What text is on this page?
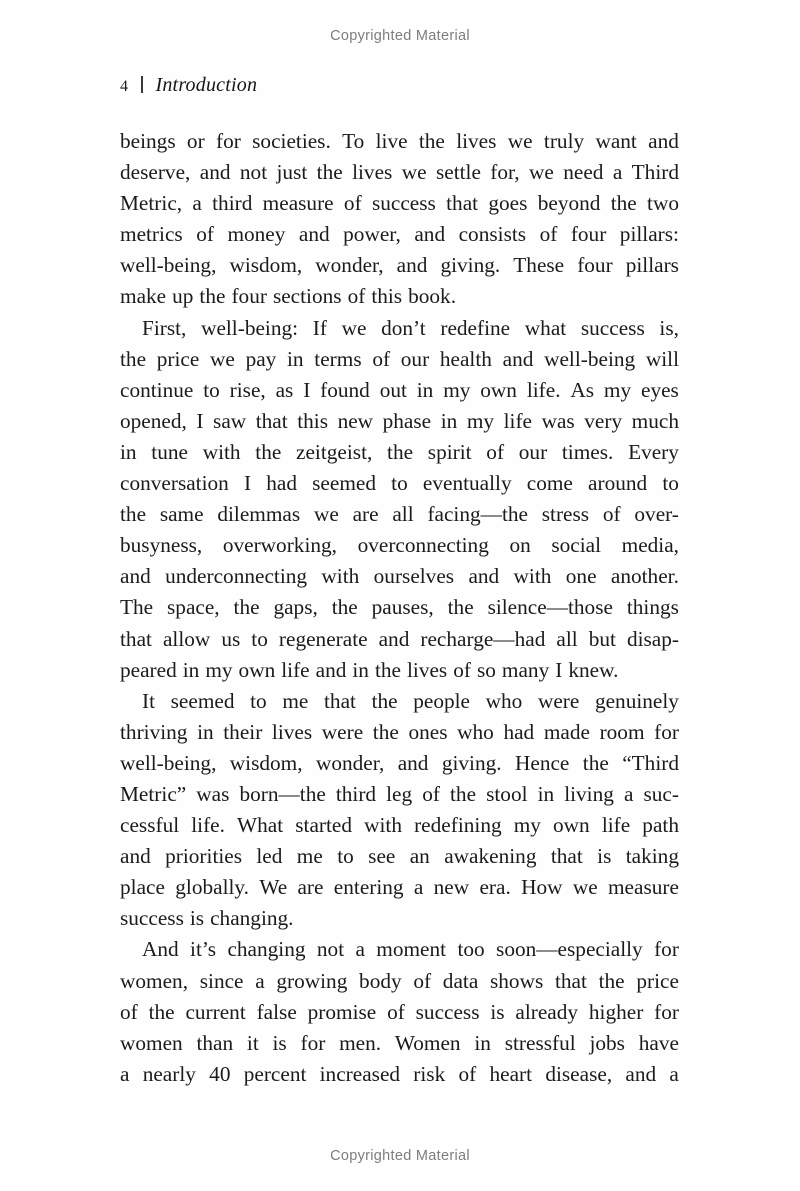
Copyrighted Material
4 Introduction
beings or for societies. To live the lives we truly want and
deserve, and not just the lives we settle for, we need a Third
Metric, a third measure of success that goes beyond the two
metrics of money and power, and consists of four pillars:
well-being, wisdom, wonder, and giving. These four pillars
make up the four sections of this book.
First, well-being: If we don’t redefine what success is,
the price we pay in terms of our health and well-being will
continue to rise, as I found out in my own life. As my eyes
opened, I saw that this new phase in my life was very much
in tune with the zeitgeist, the spirit of our times. Every
conversation I had seemed to eventually come around to
the same dilemmas we are all facing—the stress of over-
busyness, overworking, overconnecting on social media,
and underconnecting with ourselves and with one another.
The space, the gaps, the pauses, the silence—those things
that allow us to regenerate and recharge—had all but disap-
peared in my own life and in the lives of so many I knew.
It seemed to me that the people who were genuinely
thriving in their lives were the ones who had made room for
well-being, wisdom, wonder, and giving. Hence the “Third
Metric” was born—the third leg of the stool in living a suc-
cessful life. What started with redefining my own life path
and priorities led me to see an awakening that is taking
place globally. We are entering a new era. How we measure
success is changing.
And it’s changing not a moment too soon—especially for
women, since a growing body of data shows that the price
of the current false promise of success is already higher for
women than it is for men. Women in stressful jobs have
a nearly 40 percent increased risk of heart disease, and a
Copyrighted Material
